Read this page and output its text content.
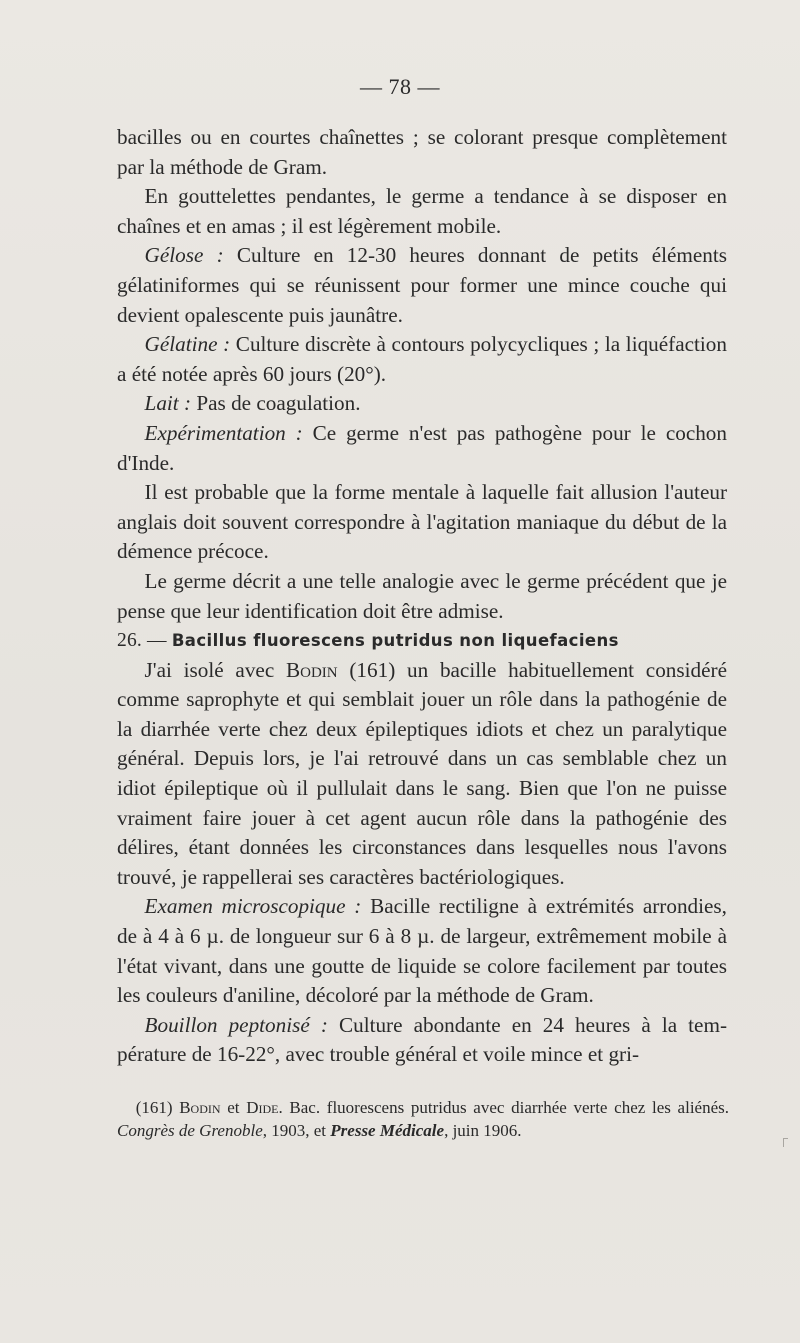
— 78 —

bacilles ou en courtes chaînettes ; se colorant presque complètement par la méthode de Gram.

En gouttelettes pendantes, le germe a tendance à se disposer en chaînes et en amas ; il est légèrement mobile.

Gélose : Culture en 12-30 heures donnant de petits éléments gélatiniformes qui se réunissent pour former une mince couche qui devient opalescente puis jaunâtre.

Gélatine : Culture discrète à contours polycycliques ; la liquéfaction a été notée après 60 jours (20°).

Lait : Pas de coagulation.

Expérimentation : Ce germe n'est pas pathogène pour le cochon d'Inde.

Il est probable que la forme mentale à laquelle fait allusion l'auteur anglais doit souvent correspondre à l'agitation maniaque du début de la démence précoce.

Le germe décrit a une telle analogie avec le germe précédent que je pense que leur identification doit être admise.

26. — Bacillus fluorescens putridus non liquefaciens

J'ai isolé avec Bodin (161) un bacille habituellement considéré comme saprophyte et qui semblait jouer un rôle dans la pathogénie de la diarrhée verte chez deux épileptiques idiots et chez un paralytique général. Depuis lors, je l'ai retrouvé dans un cas semblable chez un idiot épileptique où il pullulait dans le sang. Bien que l'on ne puisse vraiment faire jouer à cet agent aucun rôle dans la pathogénie des délires, étant données les circonstances dans lesquelles nous l'avons trouvé, je rappellerai ses caractères bactériologiques.

Examen microscopique : Bacille rectiligne à extrémités arrondies, de à 4 à 6 µ. de longueur sur 6 à 8 µ. de largeur, extrêmement mobile à l'état vivant, dans une goutte de liquide se colore facilement par toutes les couleurs d'aniline, décoloré par la méthode de Gram.

Bouillon peptonisé : Culture abondante en 24 heures à la température de 16-22°, avec trouble général et voile mince et gri-

(161) Bodin et Dide. Bac. fluorescens putridus avec diarrhée verte chez les aliénés. Congrès de Grenoble, 1903, et Presse Médicale, juin 1906.
